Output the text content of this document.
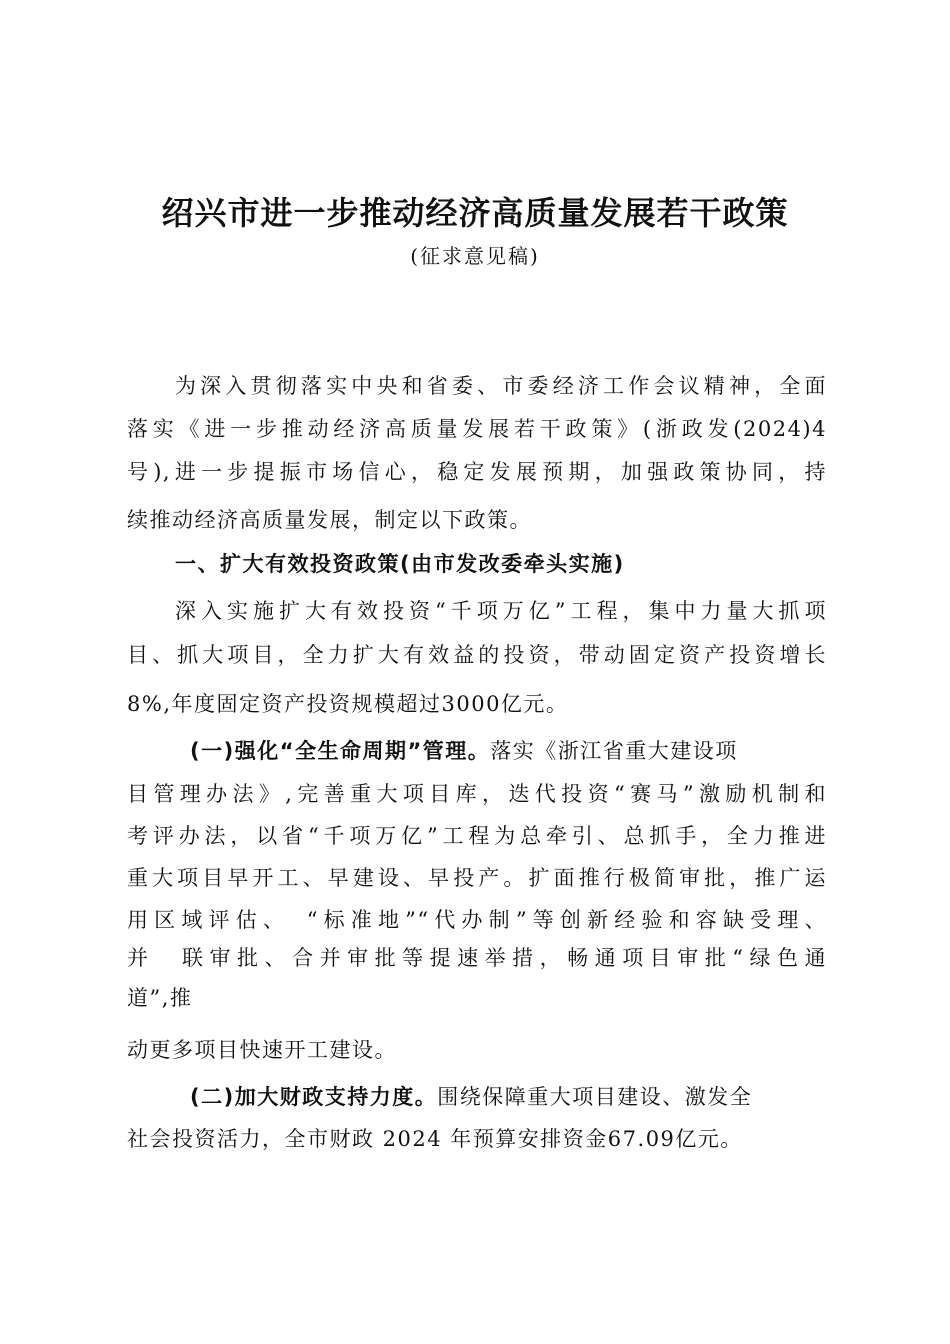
绍兴市进一步推动经济高质量发展若干政策
(征求意见稿)
为深入贯彻落实中央和省委、市委经济工作会议精神，全面
落实《进一步推动经济高质量发展若干政策》(浙政发(2024)4
号),进一步提振市场信心，稳定发展预期，加强政策协同，持
续推动经济高质量发展，制定以下政策。
一、扩大有效投资政策(由市发改委牵头实施)
深入实施扩大有效投资“千项万亿”工程，集中力量大抓项
目、抓大项目，全力扩大有效益的投资，带动固定资产投资增长
8%,年度固定资产投资规模超过3000亿元。
(一)强化“全生命周期”管理。落实《浙江省重大建设项
目管理办法》,完善重大项目库，迭代投资“赛马”激励机制和
考评办法，以省“千项万亿”工程为总牵引、总抓手，全力推进
重大项目早开工、早建设、早投产。扩面推行极简审批，推广运
用区域评估、　“标准地”“代办制”等创新经验和容缺受理、
并　联审批、合并审批等提速举措，畅通项目审批“绿色通
道”,推
动更多项目快速开工建设。
(二)加大财政支持力度。围绕保障重大项目建设、激发全
社会投资活力，全市财政 2024 年预算安排资金67.09亿元。
